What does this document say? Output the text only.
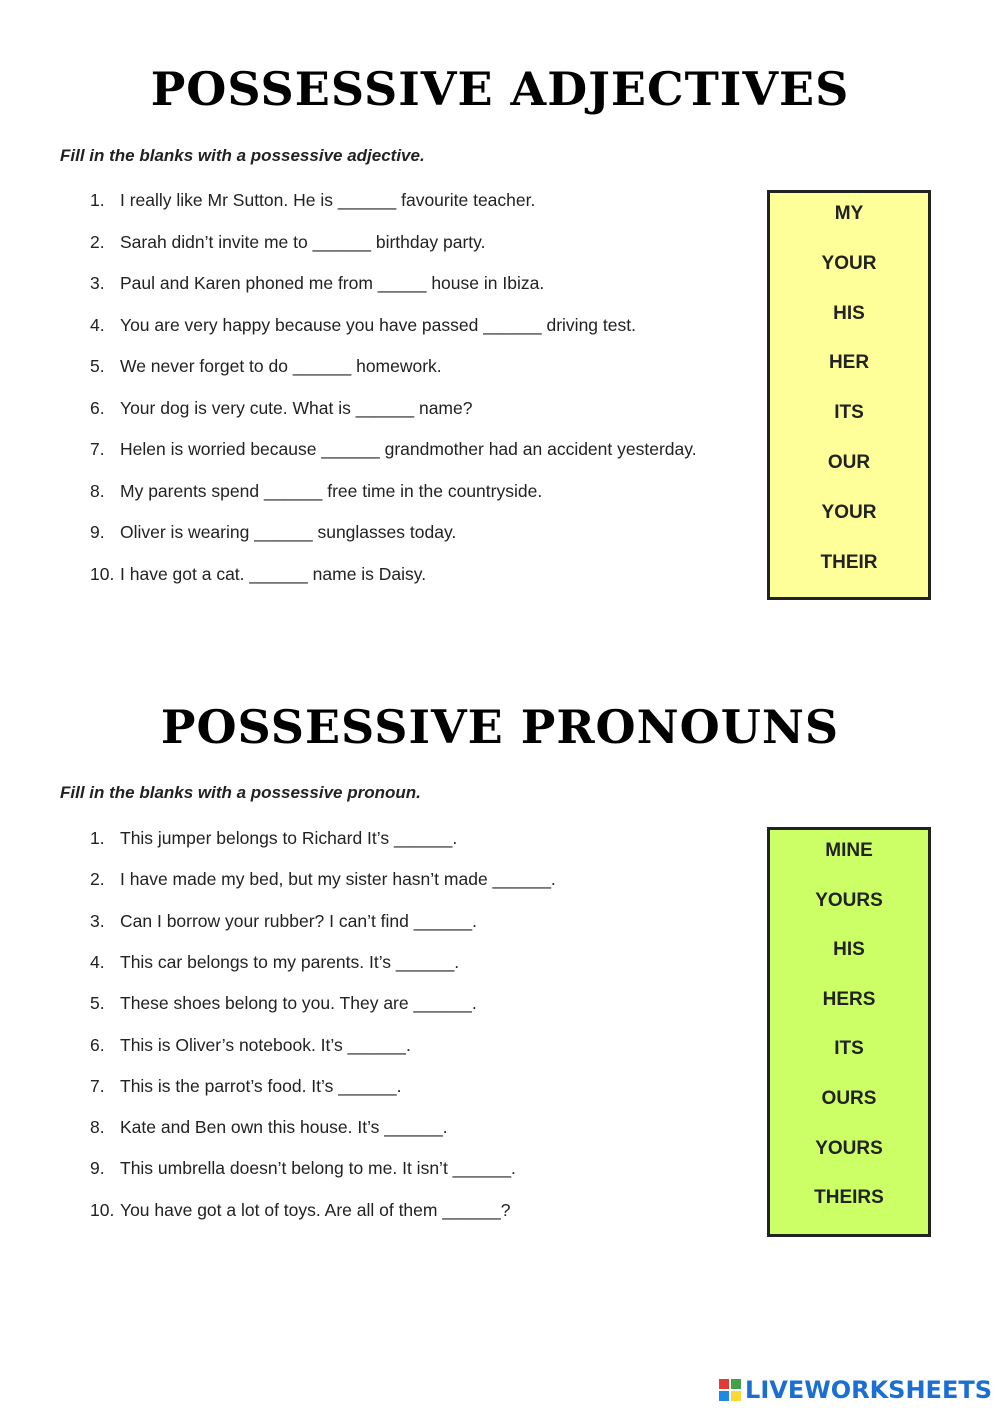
POSSESSIVE ADJECTIVES
Fill in the blanks with a possessive adjective.
1. I really like Mr Sutton. He is ______ favourite teacher.
2. Sarah didn’t invite me to ______ birthday party.
3. Paul and Karen phoned me from _____ house in Ibiza.
4. You are very happy because you have passed ______ driving test.
5. We never forget to do ______ homework.
6. Your dog is very cute. What is ______ name?
7. Helen is worried because ______ grandmother had an accident yesterday.
8. My parents spend ______ free time in the countryside.
9. Oliver is wearing ______ sunglasses today.
10. I have got a cat. ______ name is Daisy.
MY
YOUR
HIS
HER
ITS
OUR
YOUR
THEIR
POSSESSIVE PRONOUNS
Fill in the blanks with a possessive pronoun.
1. This jumper belongs to Richard It’s ______.
2. I have made my bed, but my sister hasn’t made ______.
3. Can I borrow your rubber? I can’t find ______.
4. This car belongs to my parents. It’s ______.
5. These shoes belong to you. They are ______.
6. This is Oliver’s notebook. It’s ______.
7. This is the parrot’s food. It’s ______.
8. Kate and Ben own this house. It’s ______.
9. This umbrella doesn’t belong to me. It isn’t ______.
10. You have got a lot of toys. Are all of them ______?
MINE
YOURS
HIS
HERS
ITS
OURS
YOURS
THEIRS
LIVEWORKSHEETS
